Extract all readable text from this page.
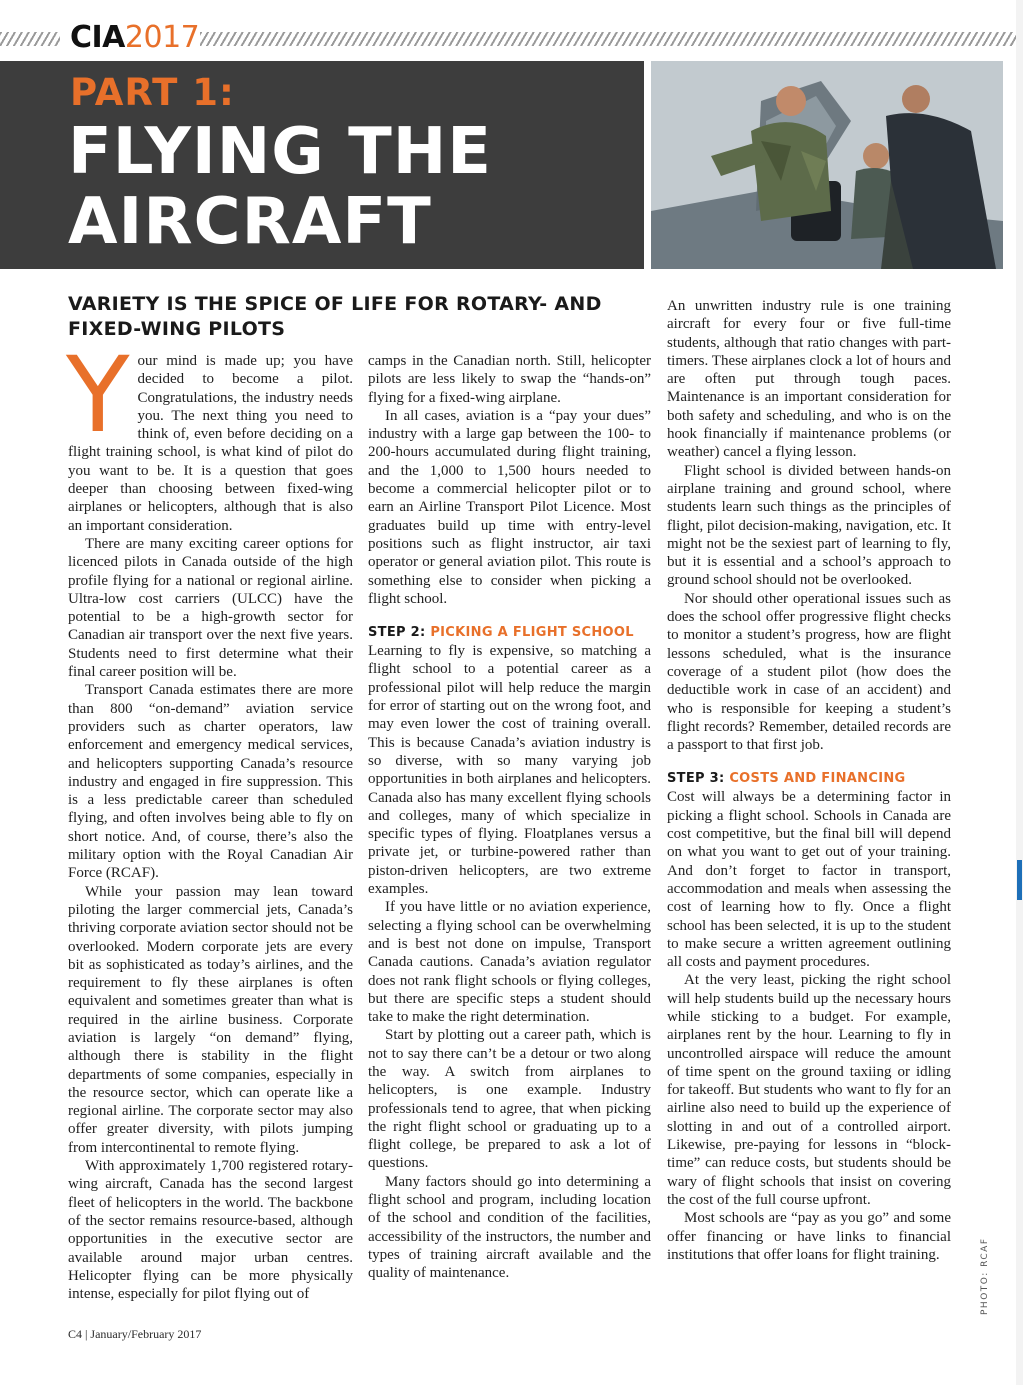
CIA2017
PART 1:
FLYING THE AIRCRAFT
VARIETY IS THE SPICE OF LIFE FOR ROTARY- AND FIXED-WING PILOTS

Your mind is made up; you have decided to become a pilot. Congratulations, the industry needs you. The next thing you need to think of, even before deciding on a flight training school, is what kind of pilot do you want to be. It is a question that goes deeper than choosing between fixed-wing airplanes or helicopters, although that is also an important consideration.

There are many exciting career options for licenced pilots in Canada outside of the high profile flying for a national or regional airline. Ultra-low cost carriers (ULCC) have the potential to be a high-growth sector for Canadian air transport over the next five years. Students need to first determine what their final career position will be.

Transport Canada estimates there are more than 800 “on-demand” aviation service providers such as charter operators, law enforcement and emergency medical services, and helicopters supporting Canada’s resource industry and engaged in fire suppression. This is a less predictable career than scheduled flying, and often involves being able to fly on short notice. And, of course, there’s also the military option with the Royal Canadian Air Force (RCAF).

While your passion may lean toward piloting the larger commercial jets, Canada’s thriving corporate aviation sector should not be overlooked. Modern corporate jets are every bit as sophisticated as today’s airlines, and the requirement to fly these airplanes is often equivalent and sometimes greater than what is required in the airline business. Corporate aviation is largely “on demand” flying, although there is stability in the flight departments of some companies, especially in the resource sector, which can operate like a regional airline. The corporate sector may also offer greater diversity, with pilots jumping from intercontinental to remote flying.

With approximately 1,700 registered rotary-wing aircraft, Canada has the second largest fleet of helicopters in the world. The backbone of the sector remains resource-based, although opportunities in the executive sector are available around major urban centres. Helicopter flying can be more physically intense, especially for pilot flying out of

camps in the Canadian north. Still, helicopter pilots are less likely to swap the “hands-on” flying for a fixed-wing airplane.

In all cases, aviation is a “pay your dues” industry with a large gap between the 100- to 200-hours accumulated during flight training, and the 1,000 to 1,500 hours needed to become a commercial helicopter pilot or to earn an Airline Transport Pilot Licence. Most graduates build up time with entry-level positions such as flight instructor, air taxi operator or general aviation pilot. This route is something else to consider when picking a flight school.

STEP 2: PICKING A FLIGHT SCHOOL

Learning to fly is expensive, so matching a flight school to a potential career as a professional pilot will help reduce the margin for error of starting out on the wrong foot, and may even lower the cost of training overall. This is because Canada’s aviation industry is so diverse, with so many varying job opportunities in both airplanes and helicopters. Canada also has many excellent flying schools and colleges, many of which specialize in specific types of flying. Floatplanes versus a private jet, or turbine-powered rather than piston-driven helicopters, are two extreme examples.

If you have little or no aviation experience, selecting a flying school can be overwhelming and is best not done on impulse, Transport Canada cautions. Canada’s aviation regulator does not rank flight schools or flying colleges, but there are specific steps a student should take to make the right determination.

Start by plotting out a career path, which is not to say there can’t be a detour or two along the way. A switch from airplanes to helicopters, is one example. Industry professionals tend to agree, that when picking the right flight school or graduating up to a flight college, be prepared to ask a lot of questions.

Many factors should go into determining a flight school and program, including location of the school and condition of the facilities, accessibility of the instructors, the number and types of training aircraft available and the quality of maintenance.

An unwritten industry rule is one training aircraft for every four or five full-time students, although that ratio changes with part-timers. These airplanes clock a lot of hours and are often put through tough paces. Maintenance is an important consideration for both safety and scheduling, and who is on the hook financially if maintenance problems (or weather) cancel a flying lesson.

Flight school is divided between hands-on airplane training and ground school, where students learn such things as the principles of flight, pilot decision-making, navigation, etc. It might not be the sexiest part of learning to fly, but it is essential and a school’s approach to ground school should not be overlooked.

Nor should other operational issues such as does the school offer progressive flight checks to monitor a student’s progress, how are flight lessons scheduled, what is the insurance coverage of a student pilot (how does the deductible work in case of an accident) and who is responsible for keeping a student’s flight records? Remember, detailed records are a passport to that first job.

STEP 3: COSTS AND FINANCING

Cost will always be a determining factor in picking a flight school. Schools in Canada are cost competitive, but the final bill will depend on what you want to get out of your training. And don’t forget to factor in transport, accommodation and meals when assessing the cost of learning how to fly. Once a flight school has been selected, it is up to the student to make secure a written agreement outlining all costs and payment procedures.

At the very least, picking the right school will help students build up the necessary hours while sticking to a budget. For example, airplanes rent by the hour. Learning to fly in uncontrolled airspace will reduce the amount of time spent on the ground taxiing or idling for takeoff. But students who want to fly for an airline also need to build up the experience of slotting in and out of a controlled airport. Likewise, pre-paying for lessons in “block-time” can reduce costs, but students should be wary of flight schools that insist on covering the cost of the full course upfront.

Most schools are “pay as you go” and some offer financing or have links to financial institutions that offer loans for flight training.

C4 | January/February 2017
PHOTO: RCAF
